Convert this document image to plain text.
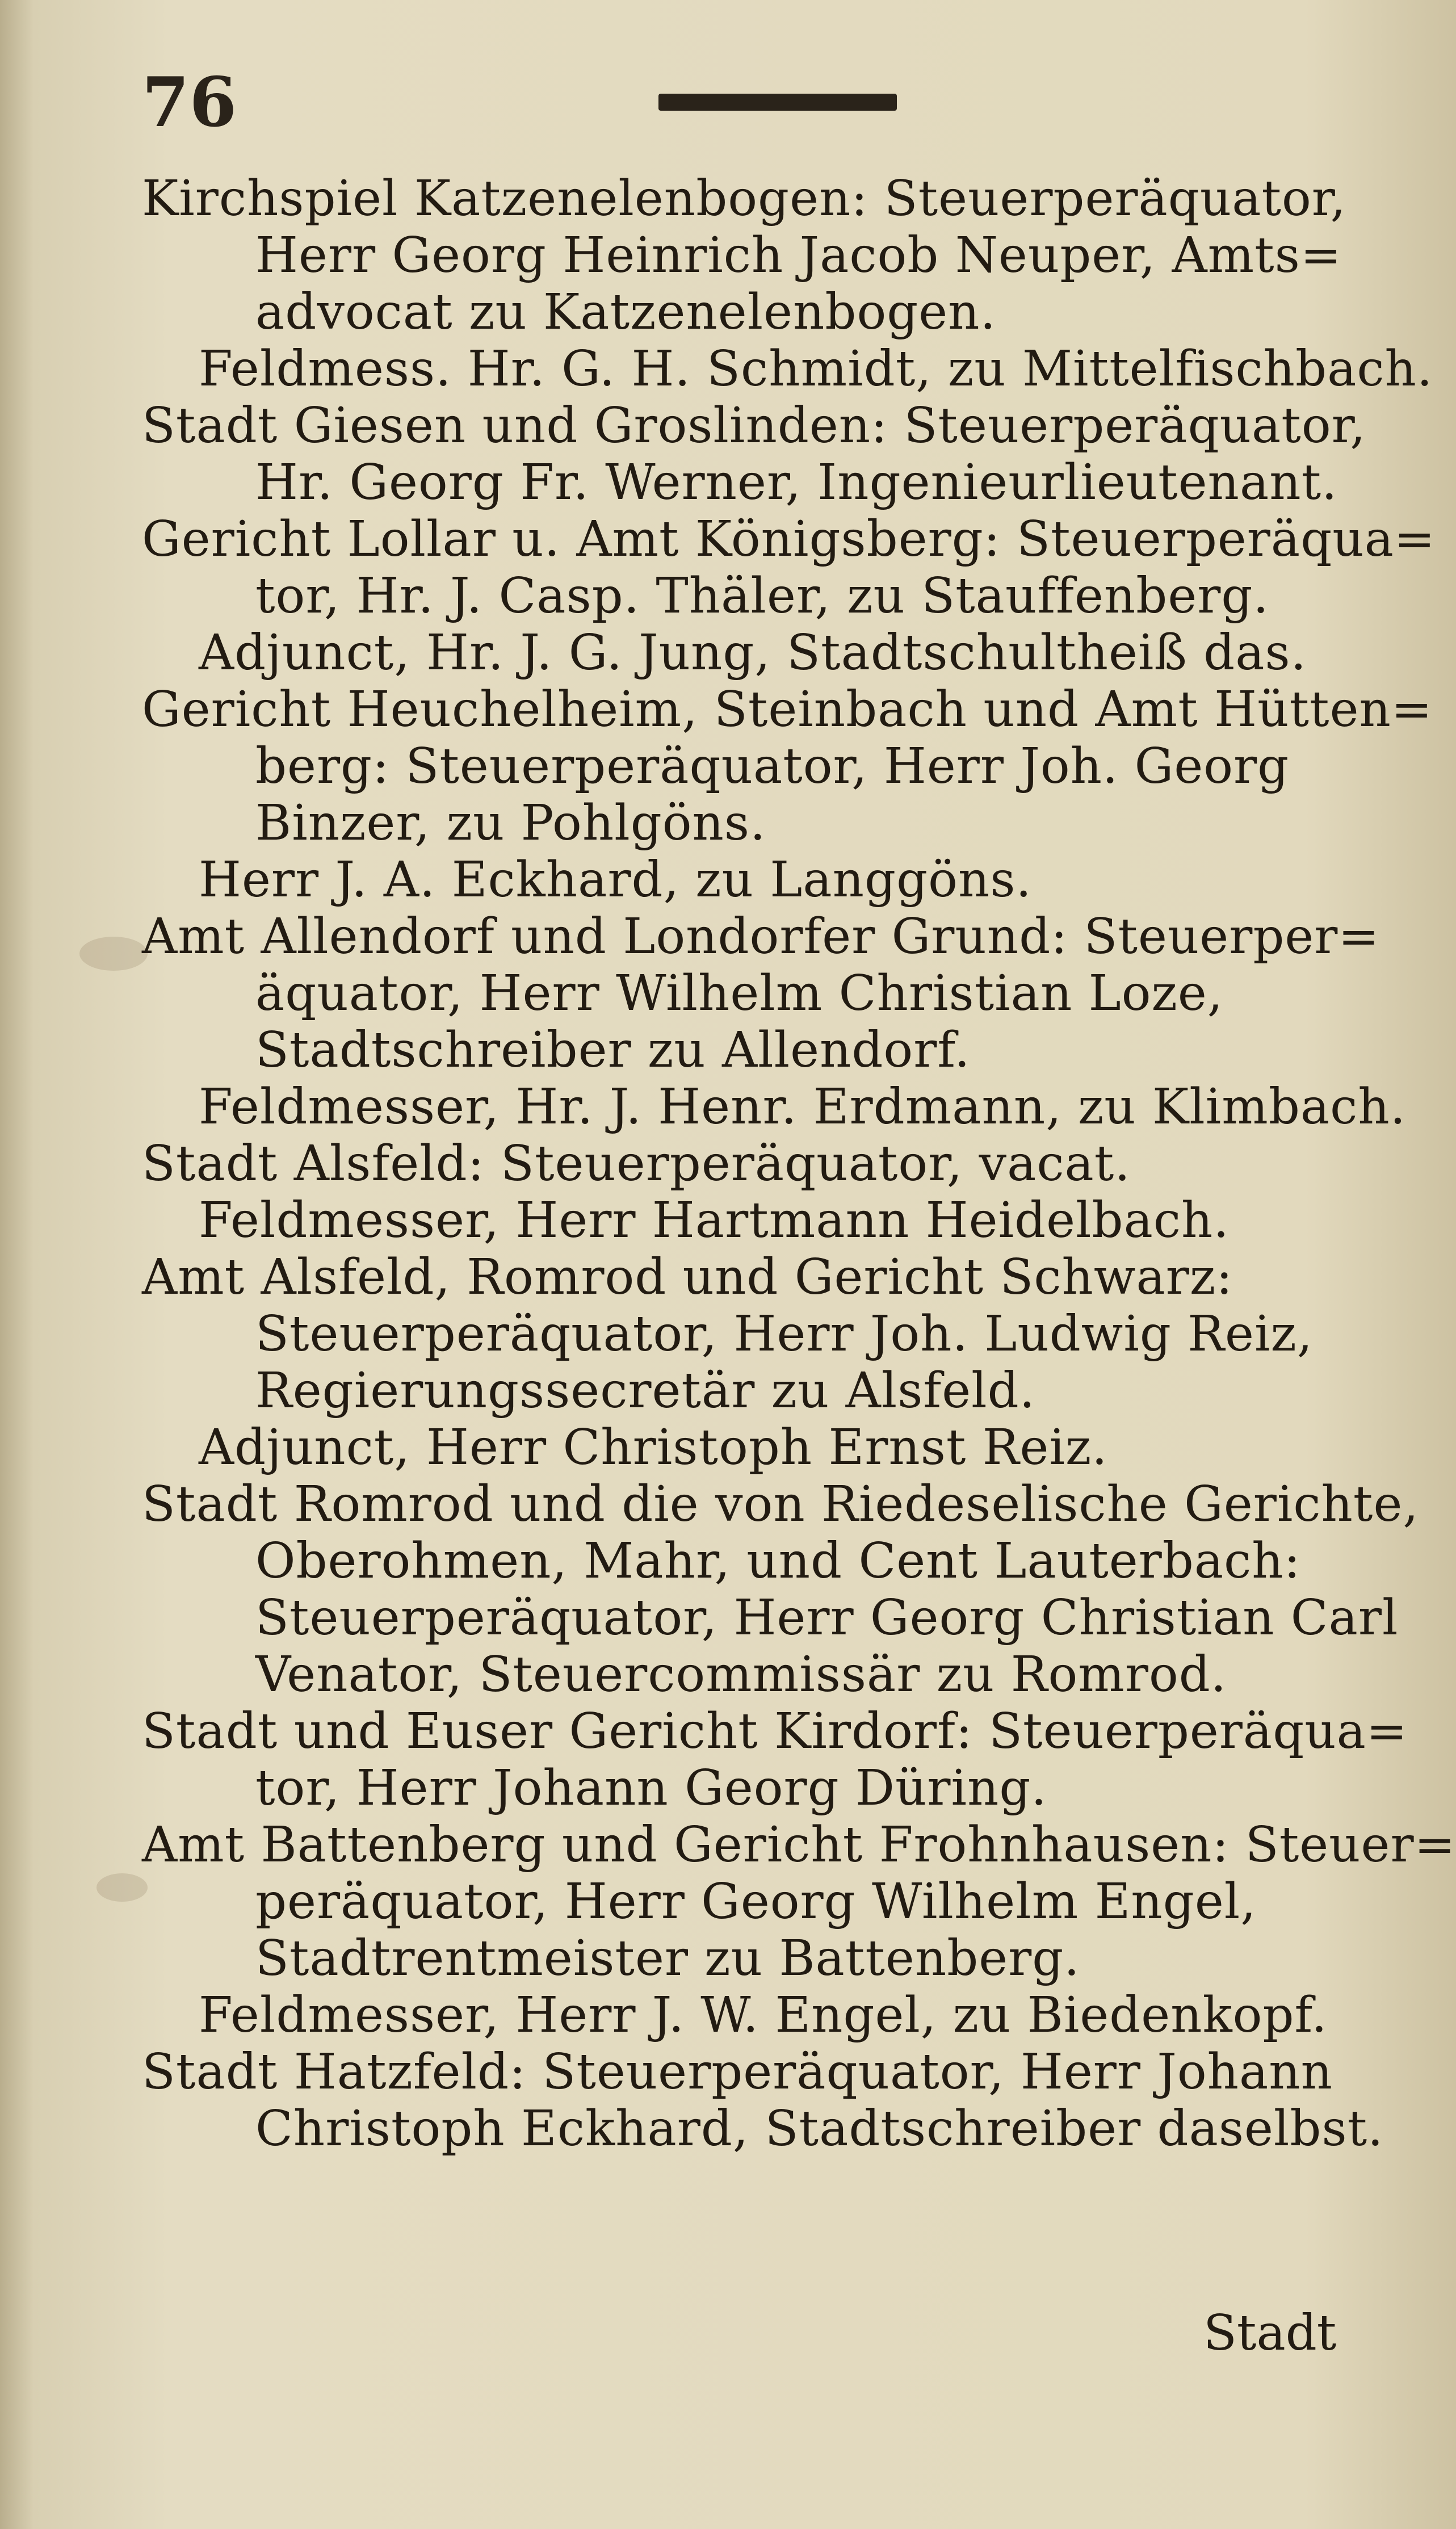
76
Kirchspiel Katzenelenbogen: Steuerperäquator,
Herr Georg Heinrich Jacob Neuper, Amts=
advocat zu Katzenelenbogen.
Feldmess. Hr. G. H. Schmidt, zu Mittelfischbach.
Stadt Giesen und Groslinden: Steuerperäquator,
Hr. Georg Fr. Werner, Ingenieurlieutenant.
Gericht Lollar u. Amt Königsberg: Steuerperäqua=
tor, Hr. J. Casp. Thäler, zu Stauffenberg.
Adjunct, Hr. J. G. Jung, Stadtschultheiß das.
Gericht Heuchelheim, Steinbach und Amt Hütten=
berg: Steuerperäquator, Herr Joh. Georg
Binzer, zu Pohlgöns.
Herr J. A. Eckhard, zu Langgöns.
Amt Allendorf und Londorfer Grund: Steuerper=
äquator, Herr Wilhelm Christian Loze,
Stadtschreiber zu Allendorf.
Feldmesser, Hr. J. Henr. Erdmann, zu Klimbach.
Stadt Alsfeld: Steuerperäquator, vacat.
Feldmesser, Herr Hartmann Heidelbach.
Amt Alsfeld, Romrod und Gericht Schwarz:
Steuerperäquator, Herr Joh. Ludwig Reiz,
Regierungssecretär zu Alsfeld.
Adjunct, Herr Christoph Ernst Reiz.
Stadt Romrod und die von Riedeselische Gerichte,
Oberohmen, Mahr, und Cent Lauterbach:
Steuerperäquator, Herr Georg Christian Carl
Venator, Steuercommissär zu Romrod.
Stadt und Euser Gericht Kirdorf: Steuerperäqua=
tor, Herr Johann Georg Düring.
Amt Battenberg und Gericht Frohnhausen: Steuer=
peräquator, Herr Georg Wilhelm Engel,
Stadtrentmeister zu Battenberg.
Feldmesser, Herr J. W. Engel, zu Biedenkopf.
Stadt Hatzfeld: Steuerperäquator, Herr Johann
Christoph Eckhard, Stadtschreiber daselbst.
Stadt
